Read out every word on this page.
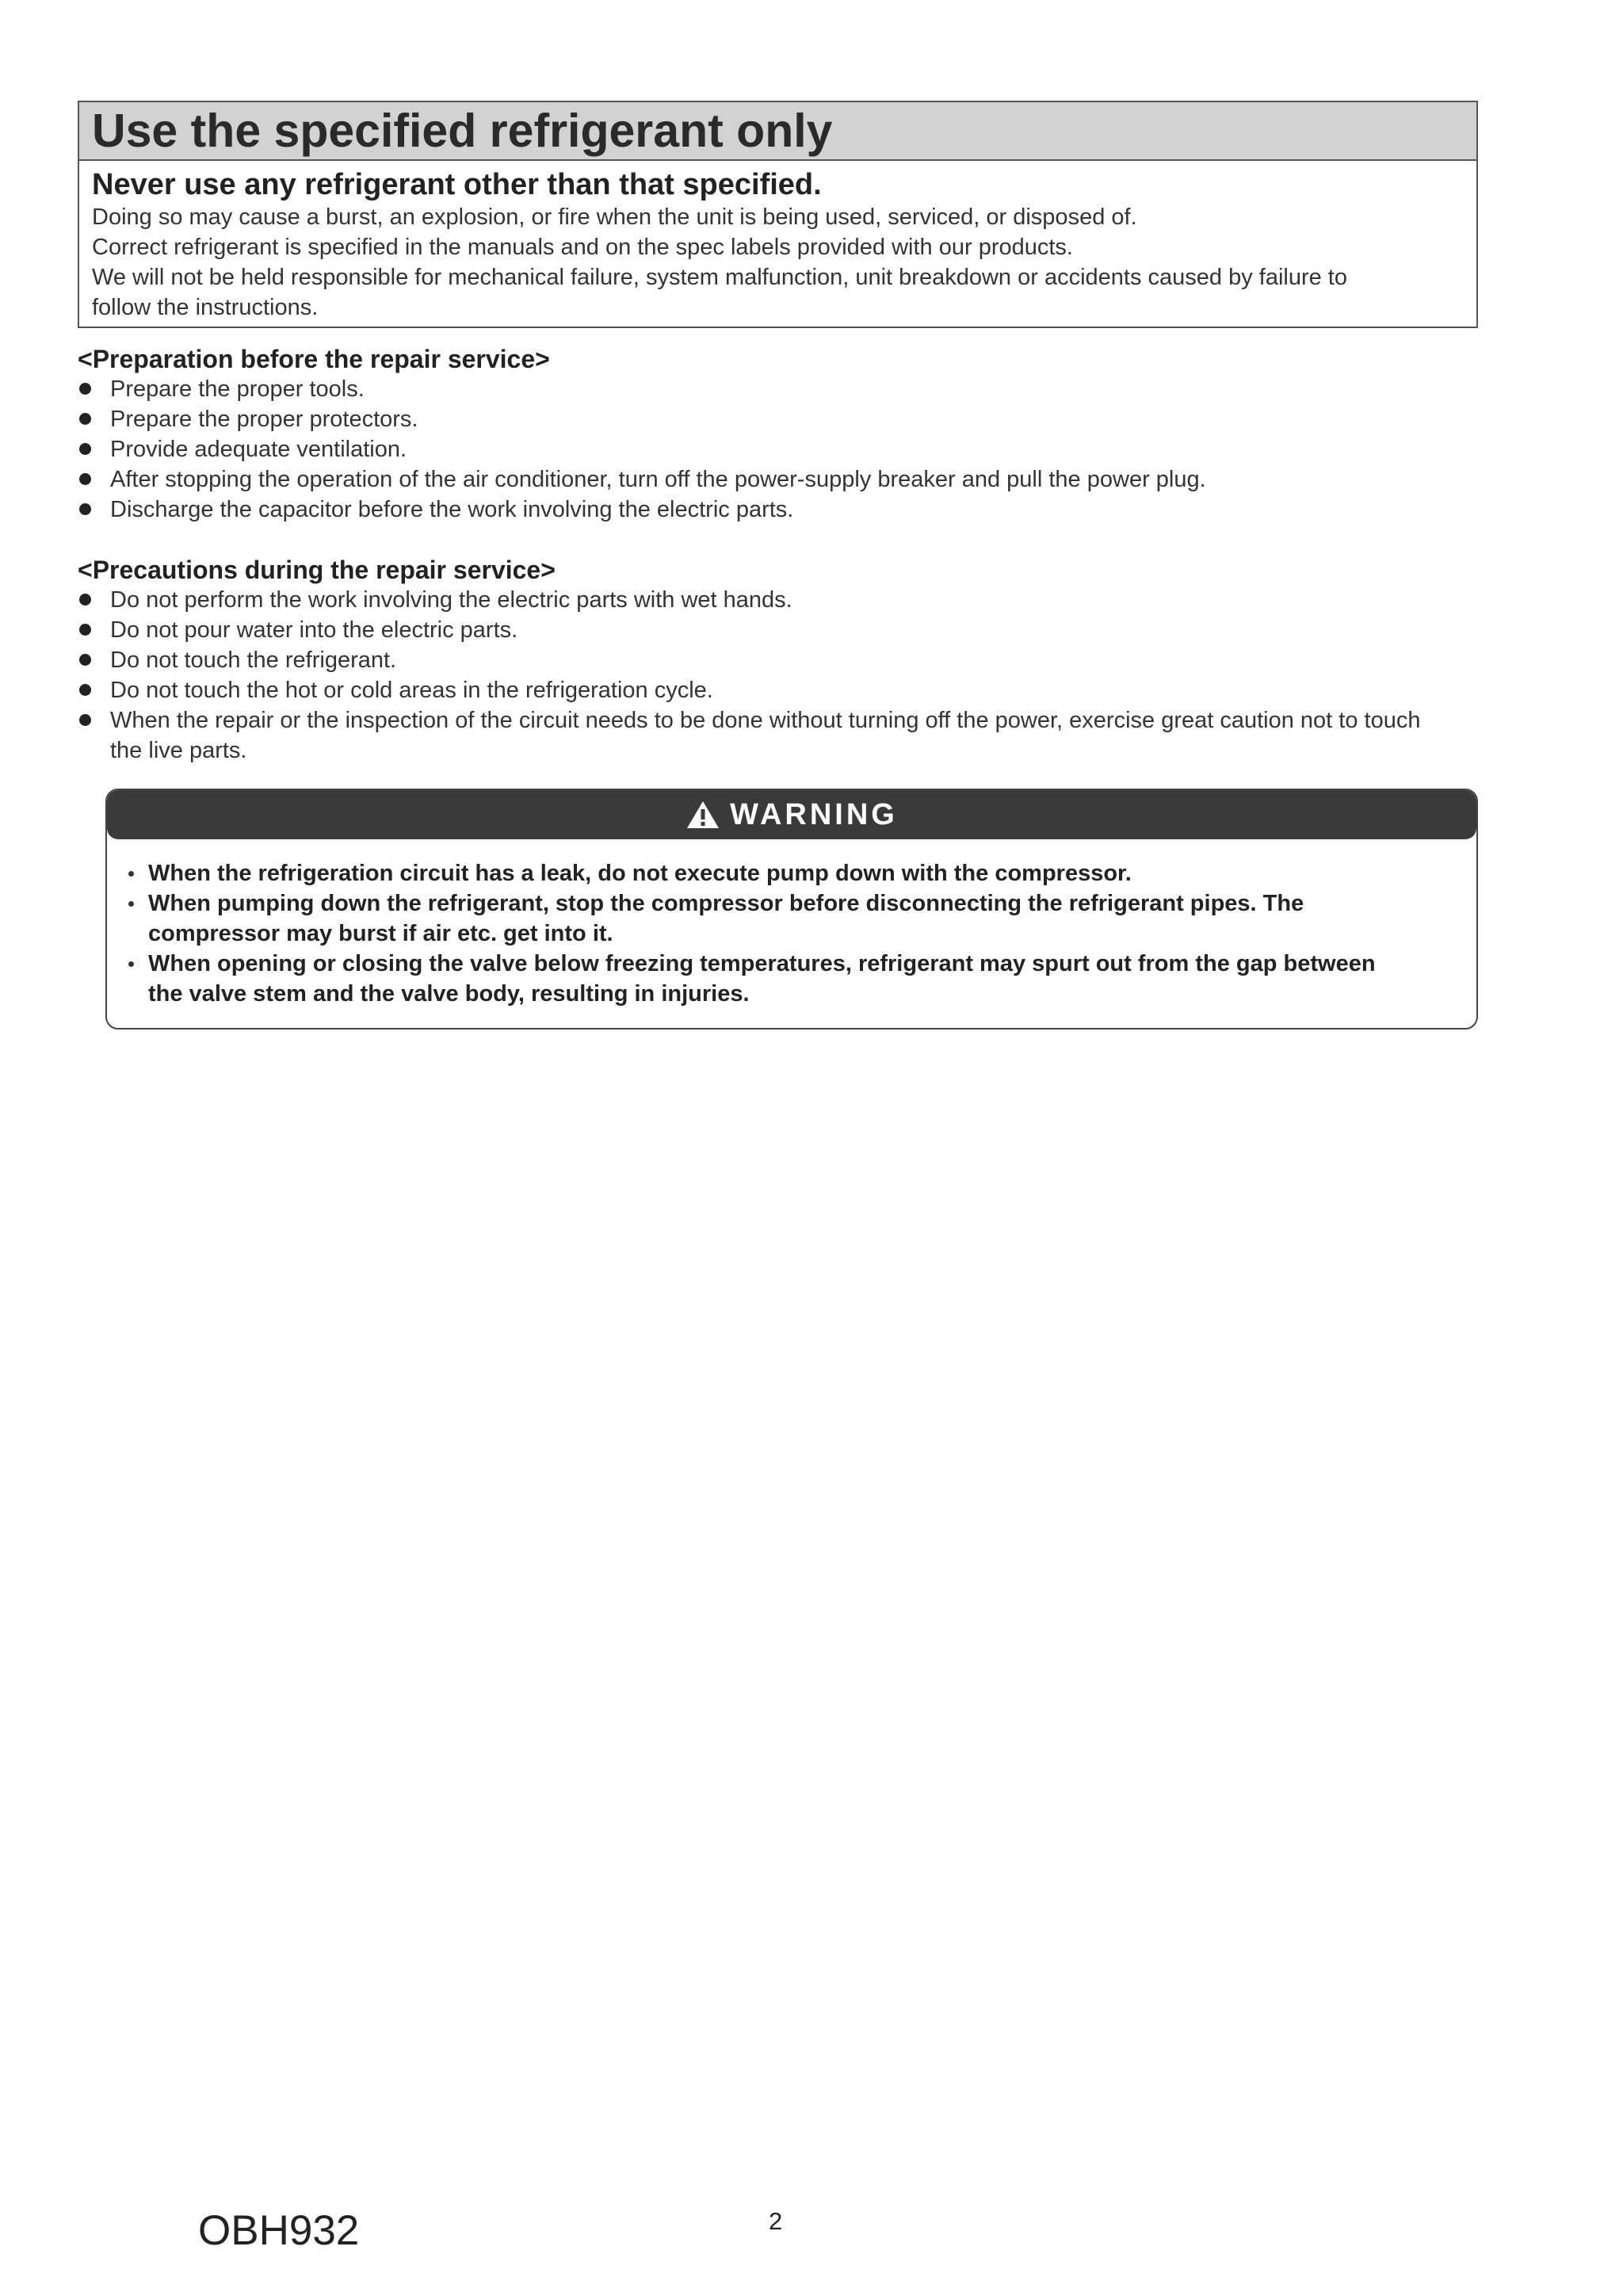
Use the specified refrigerant only
Never use any refrigerant other than that specified.
Doing so may cause a burst, an explosion, or fire when the unit is being used, serviced, or disposed of.
Correct refrigerant is specified in the manuals and on the spec labels provided with our products.
We will not be held responsible for mechanical failure, system malfunction, unit breakdown or accidents caused by failure to
follow the instructions.
<Preparation before the repair service>
Prepare the proper tools.
Prepare the proper protectors.
Provide adequate ventilation.
After stopping the operation of the air conditioner, turn off the power-supply breaker and pull the power plug.
Discharge the capacitor before the work involving the electric parts.
<Precautions during the repair service>
Do not perform the work involving the electric parts with wet hands.
Do not pour water into the electric parts.
Do not touch the refrigerant.
Do not touch the hot or cold areas in the refrigeration cycle.
When the repair or the inspection of the circuit needs to be done without turning off the power, exercise great caution not to touch the live parts.
WARNING
When the refrigeration circuit has a leak, do not execute pump down with the compressor.
When pumping down the refrigerant, stop the compressor before disconnecting the refrigerant pipes. The compressor may burst if air etc. get into it.
When opening or closing the valve below freezing temperatures, refrigerant may spurt out from the gap between the valve stem and the valve body, resulting in injuries.
OBH932	2
